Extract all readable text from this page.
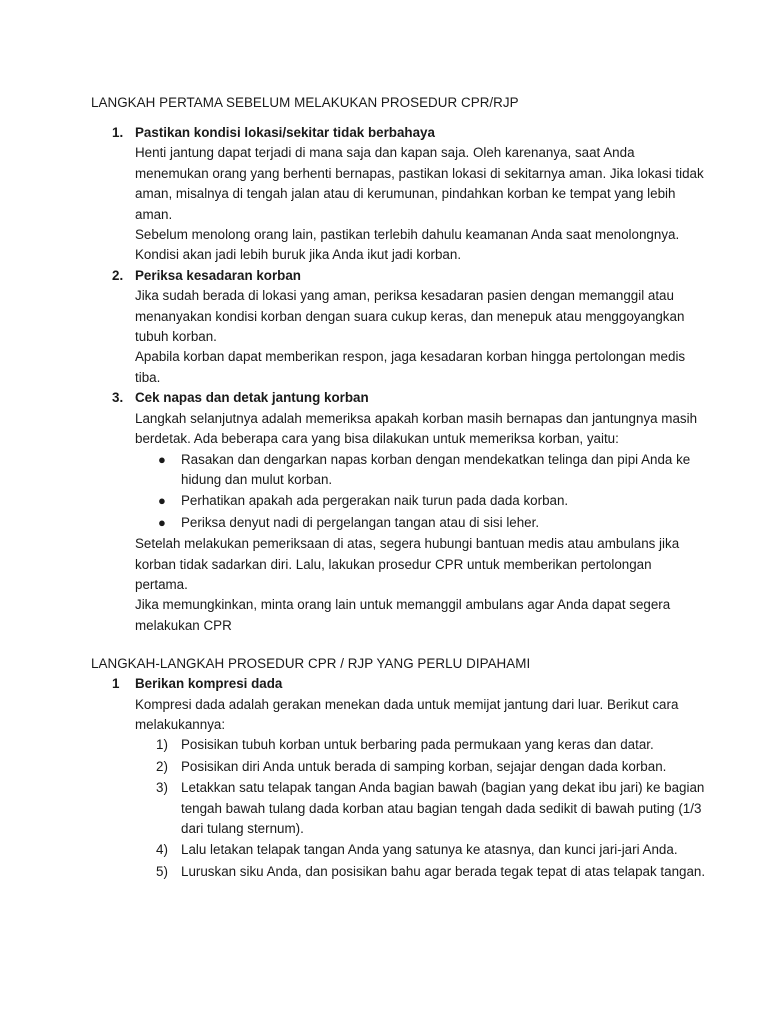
LANGKAH PERTAMA SEBELUM MELAKUKAN PROSEDUR CPR/RJP

1. Pastikan kondisi lokasi/sekitar tidak berbahaya
Henti jantung dapat terjadi di mana saja dan kapan saja. Oleh karenanya, saat Anda menemukan orang yang berhenti bernapas, pastikan lokasi di sekitarnya aman. Jika lokasi tidak aman, misalnya di tengah jalan atau di kerumunan, pindahkan korban ke tempat yang lebih aman.
Sebelum menolong orang lain, pastikan terlebih dahulu keamanan Anda saat menolongnya. Kondisi akan jadi lebih buruk jika Anda ikut jadi korban.
2. Periksa kesadaran korban
Jika sudah berada di lokasi yang aman, periksa kesadaran pasien dengan memanggil atau menanyakan kondisi korban dengan suara cukup keras, dan menepuk atau menggoyangkan tubuh korban.
Apabila korban dapat memberikan respon, jaga kesadaran korban hingga pertolongan medis tiba.
3. Cek napas dan detak jantung korban
Langkah selanjutnya adalah memeriksa apakah korban masih bernapas dan jantungnya masih berdetak. Ada beberapa cara yang bisa dilakukan untuk memeriksa korban, yaitu:
● Rasakan dan dengarkan napas korban dengan mendekatkan telinga dan pipi Anda ke hidung dan mulut korban.
● Perhatikan apakah ada pergerakan naik turun pada dada korban.
● Periksa denyut nadi di pergelangan tangan atau di sisi leher.
Setelah melakukan pemeriksaan di atas, segera hubungi bantuan medis atau ambulans jika korban tidak sadarkan diri. Lalu, lakukan prosedur CPR untuk memberikan pertolongan pertama.
Jika memungkinkan, minta orang lain untuk memanggil ambulans agar Anda dapat segera melakukan CPR

LANGKAH-LANGKAH PROSEDUR CPR / RJP YANG PERLU DIPAHAMI

1 Berikan kompresi dada
Kompresi dada adalah gerakan menekan dada untuk memijat jantung dari luar. Berikut cara melakukannya:
1) Posisikan tubuh korban untuk berbaring pada permukaan yang keras dan datar.
2) Posisikan diri Anda untuk berada di samping korban, sejajar dengan dada korban.
3) Letakkan satu telapak tangan Anda bagian bawah (bagian yang dekat ibu jari) ke bagian tengah bawah tulang dada korban atau bagian tengah dada sedikit di bawah puting (1/3 dari tulang sternum).
4) Lalu letakan telapak tangan Anda yang satunya ke atasnya, dan kunci jari-jari Anda.
5) Luruskan siku Anda, dan posisikan bahu agar berada tegak tepat di atas telapak tangan.
